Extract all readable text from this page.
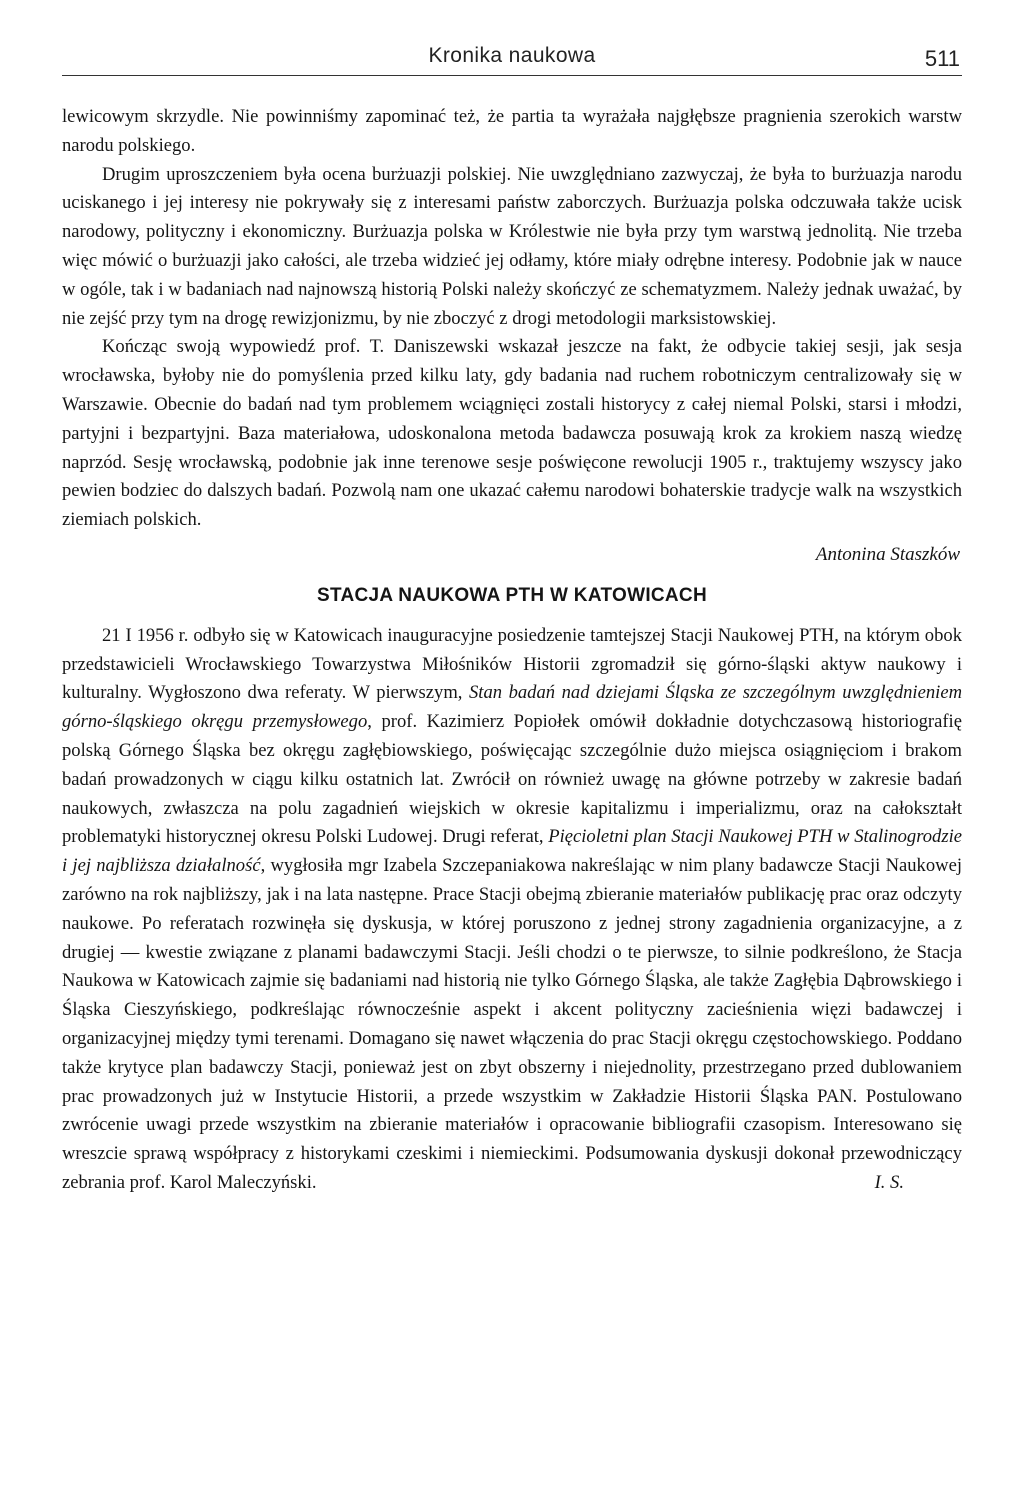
Kronika naukowa	511

lewicowym skrzydle. Nie powinniśmy zapominać też, że partia ta wyrażała najgłębsze pragnienia szerokich warstw narodu polskiego.

Drugim uproszczeniem była ocena burżuazji polskiej. Nie uwzględniano zazwyczaj, że była to burżuazja narodu uciskanego i jej interesy nie pokrywały się z interesami państw zaborczych. Burżuazja polska odczuwała także ucisk narodowy, polityczny i ekonomiczny. Burżuazja polska w Królestwie nie była przy tym warstwą jednolitą. Nie trzeba więc mówić o burżuazji jako całości, ale trzeba widzieć jej odłamy, które miały odrębne interesy. Podobnie jak w nauce w ogóle, tak i w badaniach nad najnowszą historią Polski należy skończyć ze schematyzmem. Należy jednak uważać, by nie zejść przy tym na drogę rewizjonizmu, by nie zboczyć z drogi metodologii marksistowskiej.

Kończąc swoją wypowiedź prof. T. Daniszewski wskazał jeszcze na fakt, że odbycie takiej sesji, jak sesja wrocławska, byłoby nie do pomyślenia przed kilku laty, gdy badania nad ruchem robotniczym centralizowały się w Warszawie. Obecnie do badań nad tym problemem wciągnięci zostali historycy z całej niemal Polski, starsi i młodzi, partyjni i bezpartyjni. Baza materiałowa, udoskonalona metoda badawcza posuwają krok za krokiem naszą wiedzę naprzód. Sesję wrocławską, podobnie jak inne terenowe sesje poświęcone rewolucji 1905 r., traktujemy wszyscy jako pewien bodziec do dalszych badań. Pozwolą nam one ukazać całemu narodowi bohaterskie tradycje walk na wszystkich ziemiach polskich.

Antonina Staszków
STACJA NAUKOWA PTH W KATOWICACH

21 I 1956 r. odbyło się w Katowicach inauguracyjne posiedzenie tamtejszej Stacji Naukowej PTH, na którym obok przedstawicieli Wrocławskiego Towarzystwa Miłośników Historii zgromadził się górno-śląski aktyw naukowy i kulturalny. Wygłoszono dwa referaty. W pierwszym, Stan badań nad dziejami Śląska ze szczególnym uwzględnieniem górno-śląskiego okręgu przemysłowego, prof. Kazimierz Popiołek omówił dokładnie dotychczasową historiografię polską Górnego Śląska bez okręgu zagłębiowskiego, poświęcając szczególnie dużo miejsca osiągnięciom i brakom badań prowadzonych w ciągu kilku ostatnich lat. Zwrócił on również uwagę na główne potrzeby w zakresie badań naukowych, zwłaszcza na polu zagadnień wiejskich w okresie kapitalizmu i imperializmu, oraz na całokształt problematyki historycznej okresu Polski Ludowej. Drugi referat, Pięcioletni plan Stacji Naukowej PTH w Stalinogrodzie i jej najbliższa działalność, wygłosiła mgr Izabela Szczepaniakowa nakreślając w nim plany badawcze Stacji Naukowej zarówno na rok najbliższy, jak i na lata następne. Prace Stacji obejmą zbieranie materiałów publikację prac oraz odczyty naukowe. Po referatach rozwinęła się dyskusja, w której poruszono z jednej strony zagadnienia organizacyjne, a z drugiej — kwestie związane z planami badawczymi Stacji. Jeśli chodzi o te pierwsze, to silnie podkreślono, że Stacja Naukowa w Katowicach zajmie się badaniami nad historią nie tylko Górnego Śląska, ale także Zagłębia Dąbrowskiego i Śląska Cieszyńskiego, podkreślając równocześnie aspekt i akcent polityczny zacieśnienia więzi badawczej i organizacyjnej między tymi terenami. Domagano się nawet włączenia do prac Stacji okręgu częstochowskiego. Poddano także krytyce plan badawczy Stacji, ponieważ jest on zbyt obszerny i niejednolity, przestrzegano przed dublowaniem prac prowadzonych już w Instytucie Historii, a przede wszystkim w Zakładzie Historii Śląska PAN. Postulowano zwrócenie uwagi przede wszystkim na zbieranie materiałów i opracowanie bibliografii czasopism. Interesowano się wreszcie sprawą współpracy z historykami czeskimi i niemieckimi. Podsumowania dyskusji dokonał przewodniczący zebrania prof. Karol Maleczyński.	I. S.
